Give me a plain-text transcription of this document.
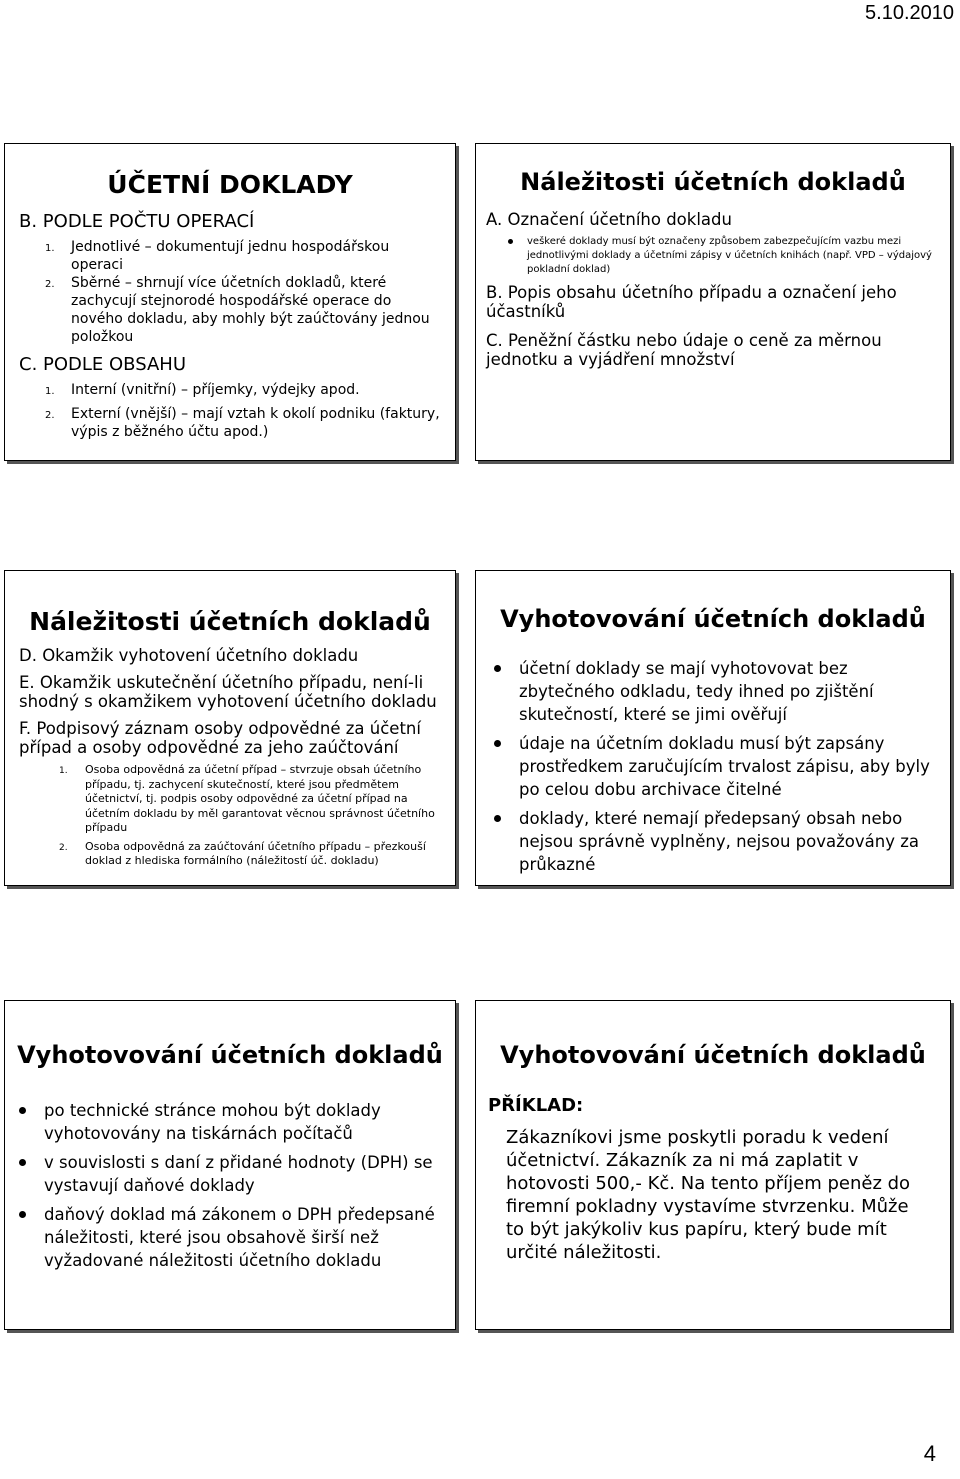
5.10.2010
ÚČETNÍ DOKLADY

B. PODLE POČTU OPERACÍ

1.	Jednotlivé – dokumentují jednu hospodářskou operaci
2.	Sběrné – shrnují více účetních dokladů, které zachycují stejnorodé hospodářské operace do nového dokladu, aby mohly být zaúčtovány jednou položkou

C. PODLE OBSAHU

1.	Interní (vnitřní) – příjemky, výdejky apod.
2.	Externí (vnější) – mají vztah k okolí podniku (faktury, výpis z běžného účtu apod.)
Náležitosti účetních dokladů

A. Označení účetního dokladu

veškeré doklady musí být označeny způsobem zabezpečujícím vazbu mezi jednotlivými doklady a účetními zápisy v účetních knihách (např. VPD – výdajový pokladní doklad)

B. Popis obsahu účetního případu a označení jeho účastníků

C. Peněžní částku nebo údaje o ceně za měrnou jednotku a vyjádření množství

Náležitosti účetních dokladů

D. Okamžik vyhotovení účetního dokladu

E. Okamžik uskutečnění účetního případu, není-li shodný s okamžikem vyhotovení účetního dokladu

F. Podpisový záznam osoby odpovědné za účetní případ a osoby odpovědné za jeho zaúčtování

1.	Osoba odpovědná za účetní případ – stvrzuje obsah účetního případu, tj. zachycení skutečností, které jsou předmětem účetnictví, tj. podpis osoby odpovědné za účetní případ na účetním dokladu by měl garantovat věcnou správnost účetního případu
2.	Osoba odpovědná za zaúčtování účetního případu – přezkouší doklad z hlediska formálního (náležitostí úč. dokladu)
Vyhotovování účetních dokladů
účetní doklady se mají vyhotovovat bez zbytečného odkladu, tedy ihned po zjištění skutečností, které se jimi ověřují
údaje na účetním dokladu musí být zapsány prostředkem zaručujícím trvalost zápisu, aby byly po celou dobu archivace čitelné
doklady, které nemají předepsaný obsah nebo nejsou správně vyplněny, nejsou považovány za průkazné
Vyhotovování účetních dokladů
po technické stránce mohou být doklady vyhotovovány na tiskárnách počítačů
v souvislosti s daní z přidané hodnoty (DPH) se vystavují daňové doklady
daňový doklad má zákonem o DPH předepsané náležitosti, které jsou obsahově širší než vyžadované náležitosti účetního dokladu
Vyhotovování účetních dokladů

PŘÍKLAD:

Zákazníkovi jsme poskytli poradu k vedení účetnictví. Zákazník za ni má zaplatit v hotovosti 500,- Kč. Na tento příjem peněz do firemní pokladny vystavíme stvrzenku. Může to být jakýkoliv kus papíru, který bude mít určité náležitosti.

4
